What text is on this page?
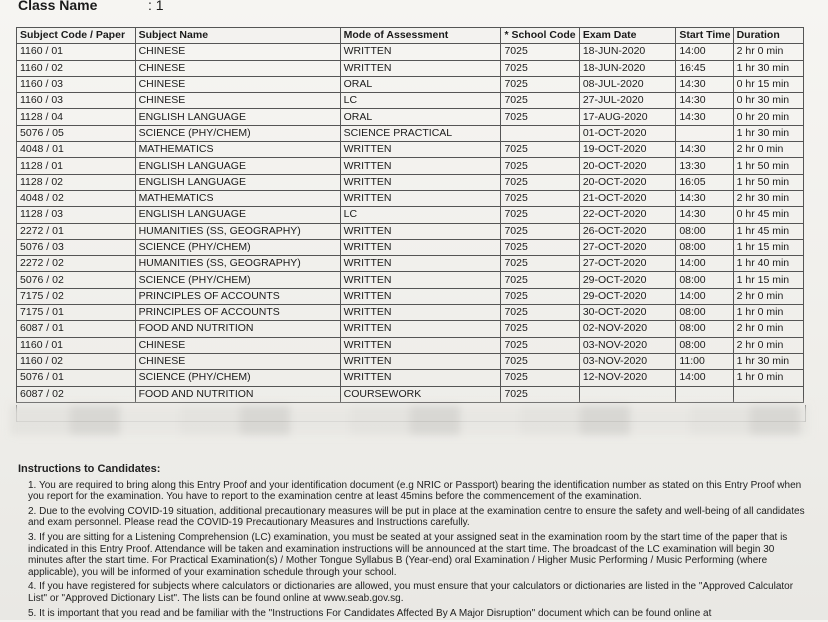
Class Name	: 1
Subject Code / Paper	Subject Name	Mode of Assessment	* School Code	Exam Date	Start Time	Duration
1160 / 01	CHINESE	WRITTEN	7025	18-JUN-2020	14:00	2 hr 0 min
1160 / 02	CHINESE	WRITTEN	7025	18-JUN-2020	16:45	1 hr 30 min
1160 / 03	CHINESE	ORAL	7025	08-JUL-2020	14:30	0 hr 15 min
1160 / 03	CHINESE	LC	7025	27-JUL-2020	14:30	0 hr 30 min
1128 / 04	ENGLISH LANGUAGE	ORAL	7025	17-AUG-2020	14:30	0 hr 20 min
5076 / 05	SCIENCE (PHY/CHEM)	SCIENCE PRACTICAL		01-OCT-2020		1 hr 30 min
4048 / 01	MATHEMATICS	WRITTEN	7025	19-OCT-2020	14:30	2 hr 0 min
1128 / 01	ENGLISH LANGUAGE	WRITTEN	7025	20-OCT-2020	13:30	1 hr 50 min
1128 / 02	ENGLISH LANGUAGE	WRITTEN	7025	20-OCT-2020	16:05	1 hr 50 min
4048 / 02	MATHEMATICS	WRITTEN	7025	21-OCT-2020	14:30	2 hr 30 min
1128 / 03	ENGLISH LANGUAGE	LC	7025	22-OCT-2020	14:30	0 hr 45 min
2272 / 01	HUMANITIES (SS, GEOGRAPHY)	WRITTEN	7025	26-OCT-2020	08:00	1 hr 45 min
5076 / 03	SCIENCE (PHY/CHEM)	WRITTEN	7025	27-OCT-2020	08:00	1 hr 15 min
2272 / 02	HUMANITIES (SS, GEOGRAPHY)	WRITTEN	7025	27-OCT-2020	14:00	1 hr 40 min
5076 / 02	SCIENCE (PHY/CHEM)	WRITTEN	7025	29-OCT-2020	08:00	1 hr 15 min
7175 / 02	PRINCIPLES OF ACCOUNTS	WRITTEN	7025	29-OCT-2020	14:00	2 hr 0 min
7175 / 01	PRINCIPLES OF ACCOUNTS	WRITTEN	7025	30-OCT-2020	08:00	1 hr 0 min
6087 / 01	FOOD AND NUTRITION	WRITTEN	7025	02-NOV-2020	08:00	2 hr 0 min
1160 / 01	CHINESE	WRITTEN	7025	03-NOV-2020	08:00	2 hr 0 min
1160 / 02	CHINESE	WRITTEN	7025	03-NOV-2020	11:00	1 hr 30 min
5076 / 01	SCIENCE (PHY/CHEM)	WRITTEN	7025	12-NOV-2020	14:00	1 hr 0 min
6087 / 02	FOOD AND NUTRITION	COURSEWORK	7025			
Instructions to Candidates:

1. You are required to bring along this Entry Proof and your identification document (e.g NRIC or Passport) bearing the identification number as stated on this Entry Proof when you report for the examination. You have to report to the examination centre at least 45mins before the commencement of the examination.

2. Due to the evolving COVID-19 situation, additional precautionary measures will be put in place at the examination centre to ensure the safety and well-being of all candidates and exam personnel. Please read the COVID-19 Precautionary Measures and Instructions carefully.

3. If you are sitting for a Listening Comprehension (LC) examination, you must be seated at your assigned seat in the examination room by the start time of the paper that is indicated in this Entry Proof. Attendance will be taken and examination instructions will be announced at the start time. The broadcast of the LC examination will begin 30 minutes after the start time. For Practical Examination(s) / Mother Tongue Syllabus B (Year-end) oral Examination / Higher Music Performing / Music Performing (where applicable), you will be informed of your examination schedule through your school.

4. If you have registered for subjects where calculators or dictionaries are allowed, you must ensure that your calculators or dictionaries are listed in the "Approved Calculator List" or "Approved Dictionary List". The lists can be found online at www.seab.gov.sg.

5. It is important that you read and be familiar with the "Instructions For Candidates Affected By A Major Disruption" document which can be found online at
